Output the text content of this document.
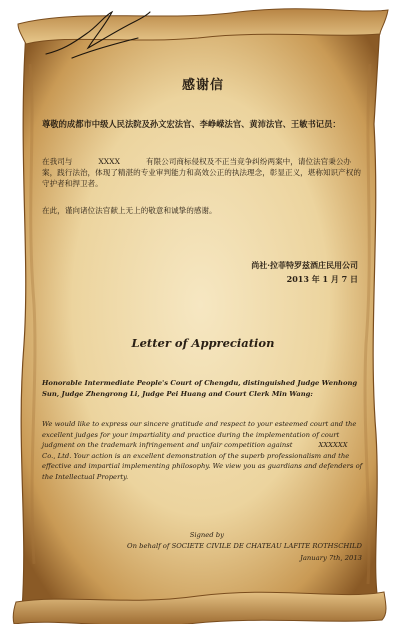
感谢信
尊敬的成都市中级人民法院及孙文宏法官、李峥嵘法官、黄沛法官、王敏书记员：
在我司与	XXXX	有限公司商标侵权及不正当竞争纠纷两案中，请位法官秉公办案，践行法治，体现了精湛的专业审判能力和高效公正的执法理念，彰显正义，堪称知识产权的守护者和捍卫者。
在此，谨向诸位法官献上无上的敬意和诚挚的感谢。
尚社·拉菲特罗兹酒庄民用公司
2013 年 1 月 7 日
Letter of Appreciation
Honorable Intermediate People's Court of Chengdu, distinguished Judge Wenhong Sun, Judge Zhengrong Li, Judge Pei Huang and Court Clerk Min Wang:
We would like to express our sincere gratitude and respect to your esteemed court and the excellent judges for your impartiality and practice during the implementation of court judgment on the trademark infringement and unfair competition against	XXXXXXCo., Ltd. Your action is an excellent demonstration of the superb professionalism and the effective and impartial implementing philosophy. We view you as guardians and defenders of the Intellectual Property.
Signed by
On behalf of SOCIETE CIVILE DE CHATEAU LAFITE ROTHSCHILD
January 7th, 2013
